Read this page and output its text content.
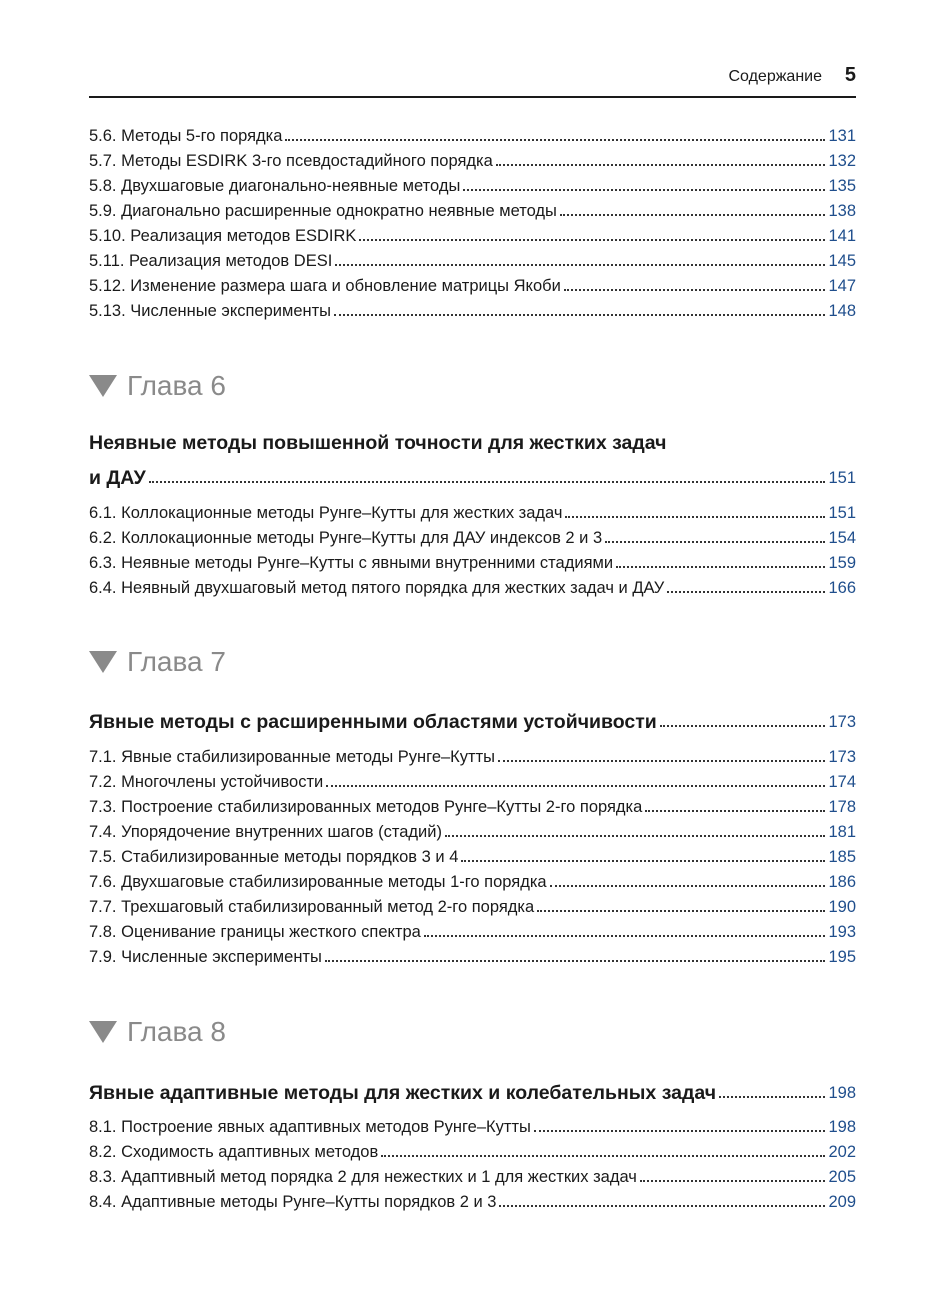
Содержание 5
5.6. Методы 5-го порядка	131
5.7. Методы ESDIRK 3-го псевдостадийного порядка	132
5.8. Двухшаговые диагонально-неявные методы	135
5.9. Диагонально расширенные однократно неявные методы	138
5.10. Реализация методов ESDIRK	141
5.11. Реализация методов DESI	145
5.12. Изменение размера шага и обновление матрицы Якоби	147
5.13. Численные эксперименты	148
Глава 6
Неявные методы повышенной точности для жестких задач
и ДАУ	151
6.1. Коллокационные методы Рунге–Кутты для жестких задач	151
6.2. Коллокационные методы Рунге–Кутты для ДАУ индексов 2 и 3	154
6.3. Неявные методы Рунге–Кутты с явными внутренними стадиями	159
6.4. Неявный двухшаговый метод пятого порядка для жестких задач и ДАУ	166
Глава 7
Явные методы с расширенными областями устойчивости	173
7.1. Явные стабилизированные методы Рунге–Кутты	173
7.2. Многочлены устойчивости	174
7.3. Построение стабилизированных методов Рунге–Кутты 2-го порядка	178
7.4. Упорядочение внутренних шагов (стадий)	181
7.5. Стабилизированные методы порядков 3 и 4	185
7.6. Двухшаговые стабилизированные методы 1-го порядка	186
7.7. Трехшаговый стабилизированный метод 2-го порядка	190
7.8. Оценивание границы жесткого спектра	193
7.9. Численные эксперименты	195
Глава 8
Явные адаптивные методы для жестких и колебательных задач	198
8.1. Построение явных адаптивных методов Рунге–Кутты	198
8.2. Сходимость адаптивных методов	202
8.3. Адаптивный метод порядка 2 для нежестких и 1 для жестких задач	205
8.4. Адаптивные методы Рунге–Кутты порядков 2 и 3	209
